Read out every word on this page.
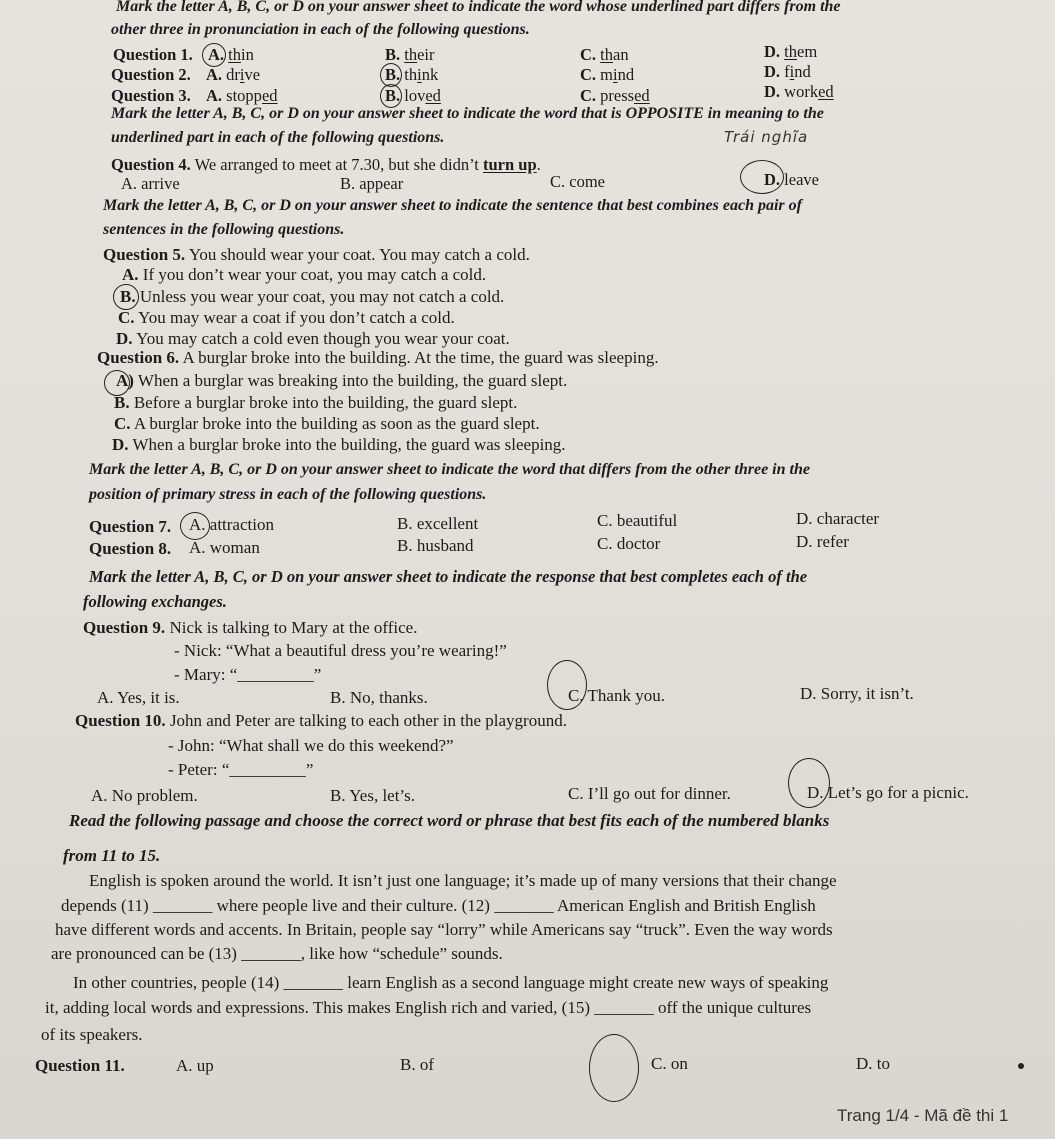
Mark the letter A, B, C, or D on your answer sheet to indicate the word whose underlined part differs from the
other three in pronunciation in each of the following questions.
Question 1. A. thin	B. their	C. than	D. them
Question 2. A. drive	B. think	C. mind	D. find
Question 3. A. stopped	B. loved	C. pressed	D. worked
Mark the letter A, B, C, or D on your answer sheet to indicate the word that is OPPOSITE in meaning to the
underlined part in each of the following questions.	Trái nghĩa
Question 4. We arranged to meet at 7.30, but she didn’t turn up.
A. arrive	B. appear	C. come	D. leave
Mark the letter A, B, C, or D on your answer sheet to indicate the sentence that best combines each pair of
sentences in the following questions.
Question 5. You should wear your coat. You may catch a cold.
A. If you don’t wear your coat, you may catch a cold.
B. Unless you wear your coat, you may not catch a cold.
C. You may wear a coat if you don’t catch a cold.
D. You may catch a cold even though you wear your coat.
Question 6. A burglar broke into the building. At the time, the guard was sleeping.
A) When a burglar was breaking into the building, the guard slept.
B. Before a burglar broke into the building, the guard slept.
C. A burglar broke into the building as soon as the guard slept.
D. When a burglar broke into the building, the guard was sleeping.
Mark the letter A, B, C, or D on your answer sheet to indicate the word that differs from the other three in the
position of primary stress in each of the following questions.
Question 7. A. attraction	B. excellent	C. beautiful	D. character
Question 8. A. woman	B. husband	C. doctor	D. refer
Mark the letter A, B, C, or D on your answer sheet to indicate the response that best completes each of the
following exchanges.
Question 9. Nick is talking to Mary at the office.
- Nick: “What a beautiful dress you’re wearing!”
- Mary: “_________”
A. Yes, it is.	B. No, thanks.	C. Thank you.	D. Sorry, it isn’t.
Question 10. John and Peter are talking to each other in the playground.
- John: “What shall we do this weekend?”
- Peter: “_________”
A. No problem.	B. Yes, let’s.	C. I’ll go out for dinner.	D. Let’s go for a picnic.
Read the following passage and choose the correct word or phrase that best fits each of the numbered blanks
from 11 to 15.
English is spoken around the world. It isn’t just one language; it’s made up of many versions that their change
depends (11) _______ where people live and their culture. (12) _______ American English and British English
have different words and accents. In Britain, people say “lorry” while Americans say “truck”. Even the way words
are pronounced can be (13) _______, like how “schedule” sounds.
In other countries, people (14) _______ learn English as a second language might create new ways of speaking
it, adding local words and expressions. This makes English rich and varied, (15) _______ off the unique cultures
of its speakers.
Question 11.	A. up	B. of	C. on	D. to
Trang 1/4 - Mã đề thi 1
